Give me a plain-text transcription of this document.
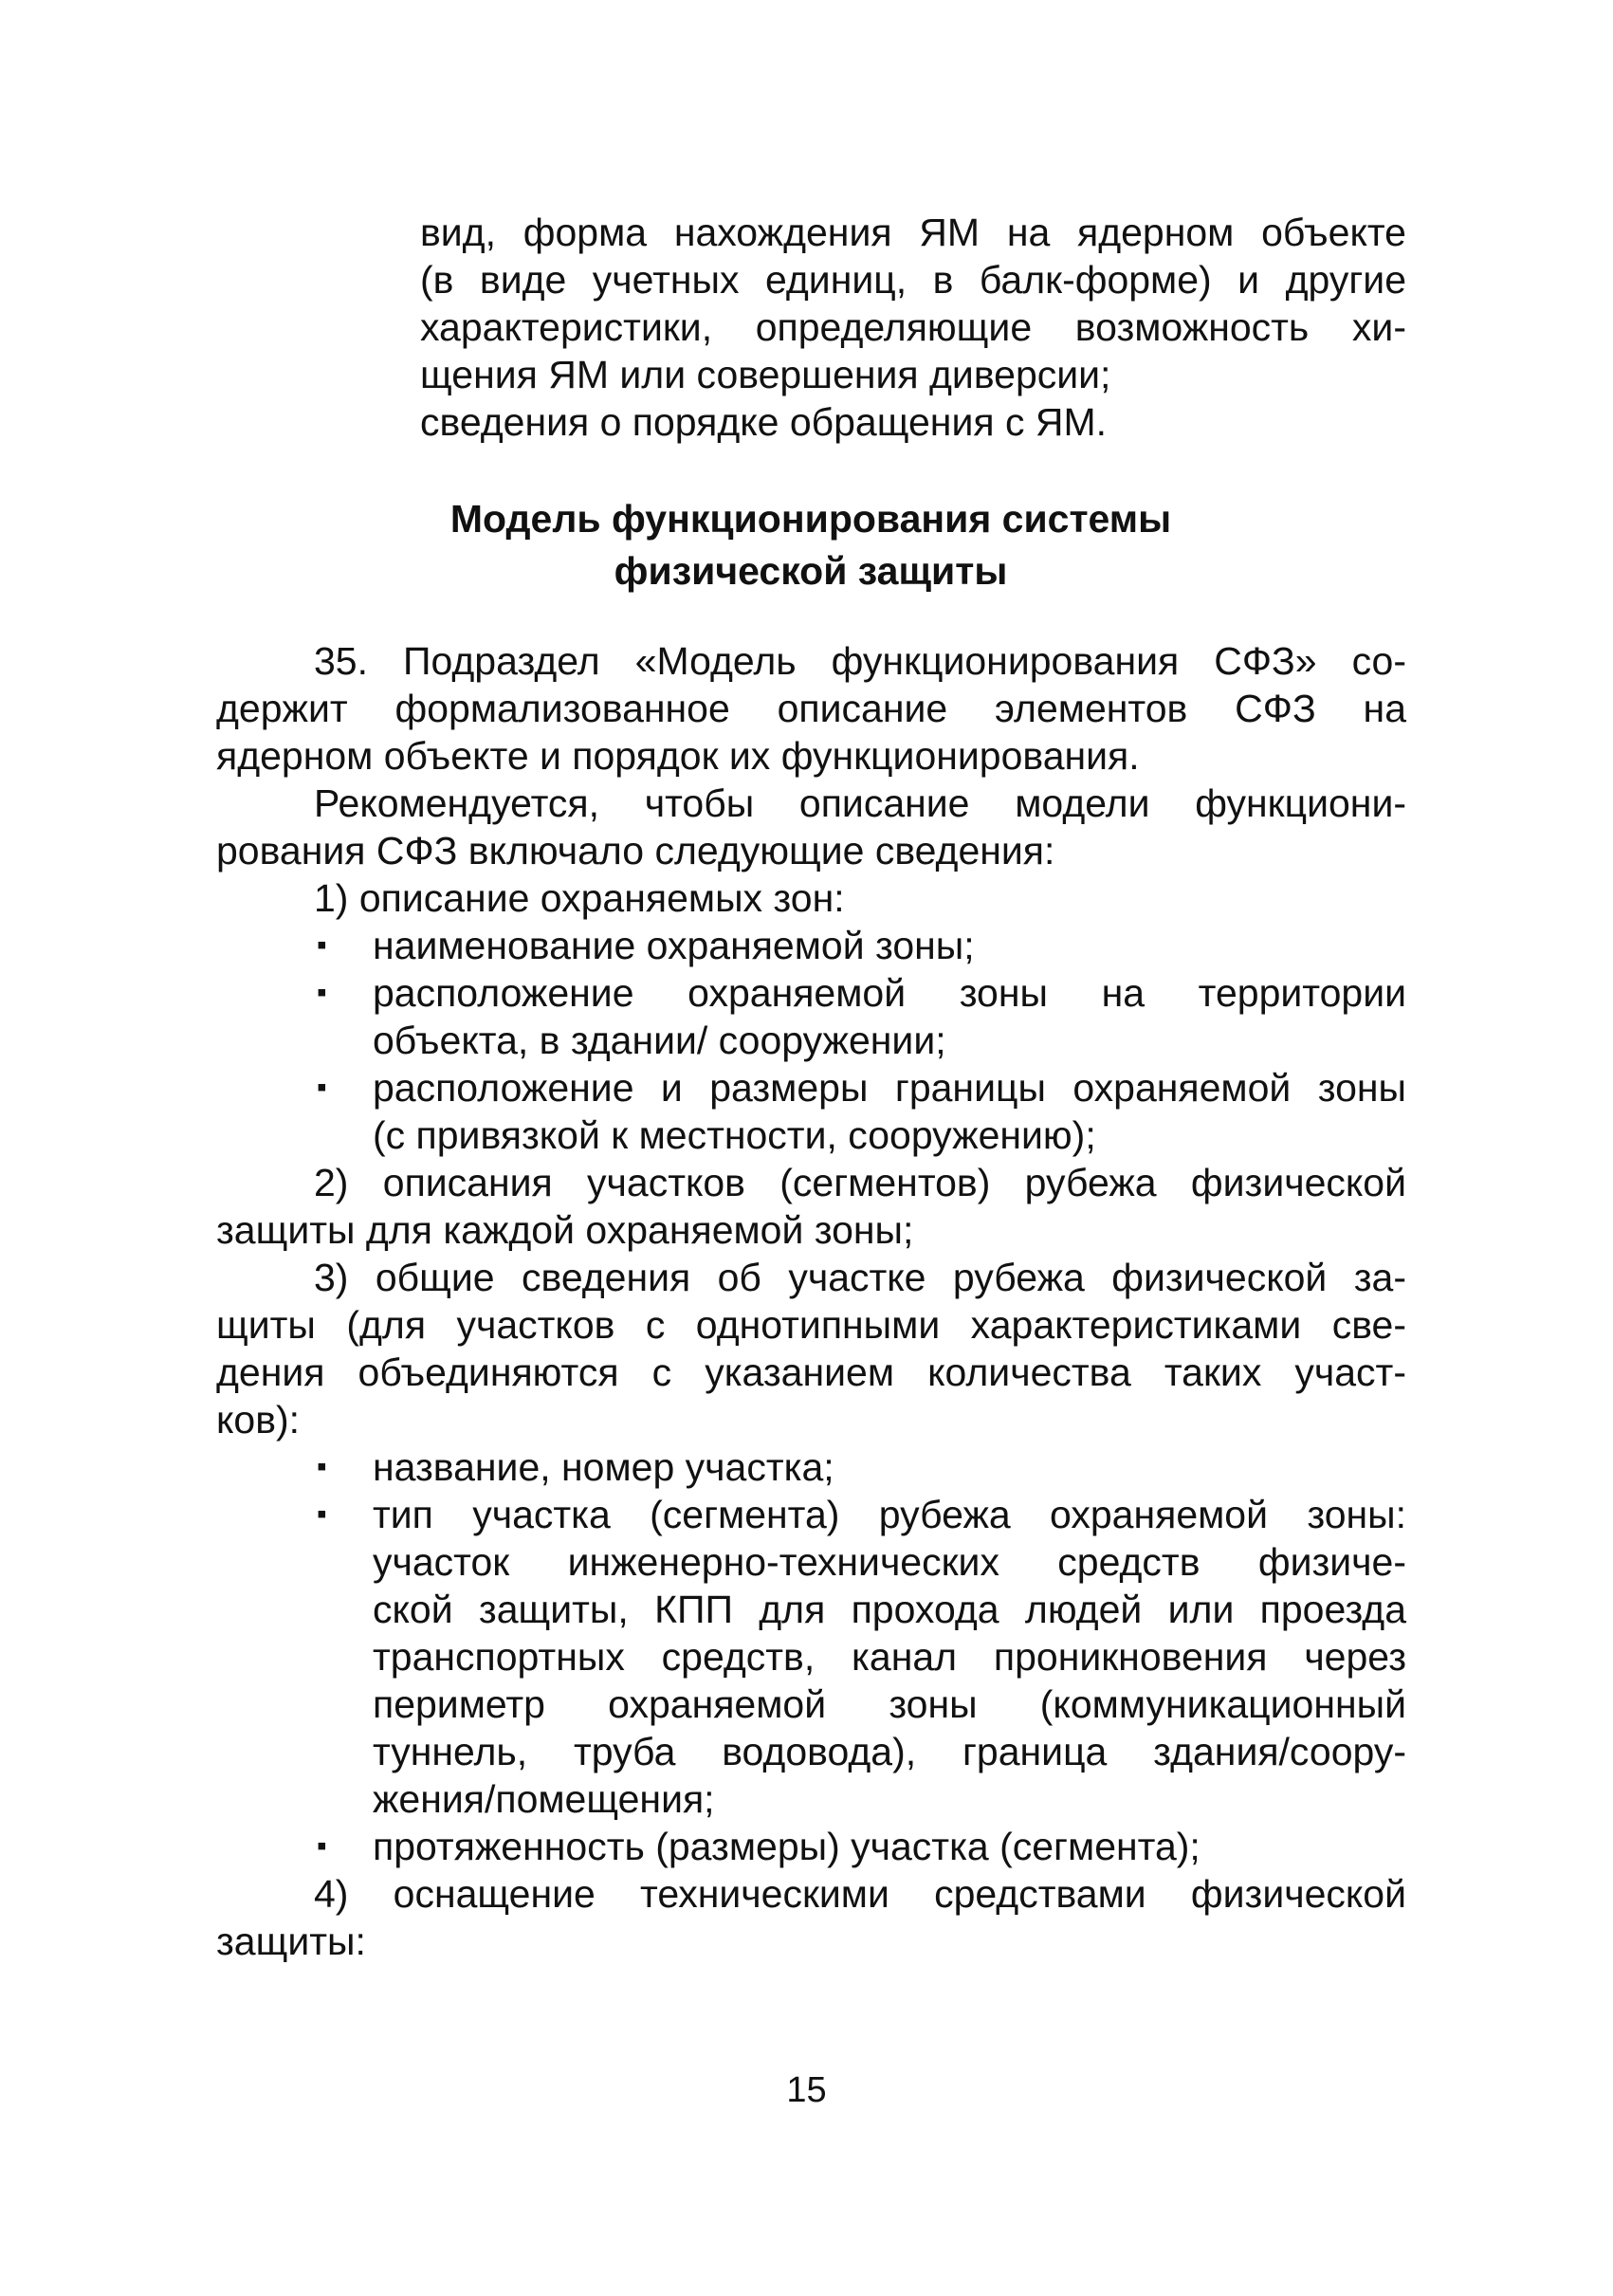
вид, форма нахождения ЯМ на ядерном объекте
(в виде учетных единиц, в балк-форме) и другие
характеристики, определяющие возможность хи-
щения ЯМ или совершения диверсии;
сведения о порядке обращения с ЯМ.
Модель функционирования системы
физической защиты
35. Подраздел «Модель функционирования СФЗ» со-
держит формализованное описание элементов СФЗ на
ядерном объекте и порядок их функционирования.
Рекомендуется, чтобы описание модели функциони-
рования СФЗ включало следующие сведения:
1) описание охраняемых зон:
▪	наименование охраняемой зоны;
▪	расположение охраняемой зоны на территории
объекта, в здании/ сооружении;
▪	расположение и размеры границы охраняемой зоны
(с привязкой к местности, сооружению);
2) описания участков (сегментов) рубежа физической
защиты для каждой охраняемой зоны;
3) общие сведения об участке рубежа физической за-
щиты (для участков с однотипными характеристиками све-
дения объединяются с указанием количества таких участ-
ков):
▪	название, номер участка;
▪	тип участка (сегмента) рубежа охраняемой зоны:
участок инженерно-технических средств физиче-
ской защиты, КПП для прохода людей или проезда
транспортных средств, канал проникновения через
периметр охраняемой зоны (коммуникационный
туннель, труба водовода), граница здания/соору-
жения/помещения;
▪	протяженность (размеры) участка (сегмента);
4) оснащение техническими средствами физической
защиты:
15
